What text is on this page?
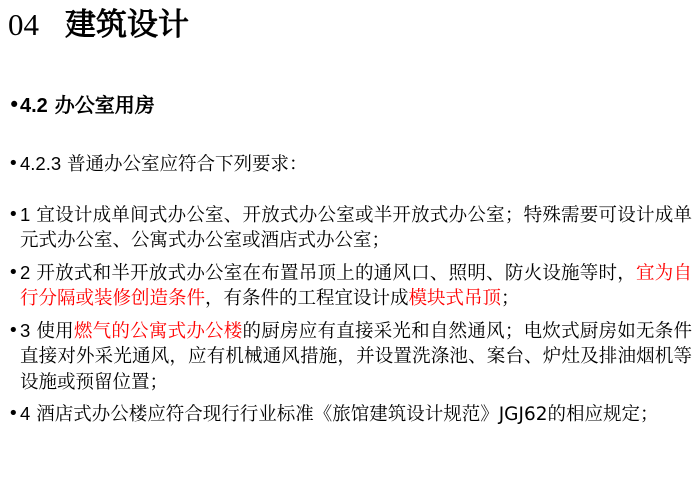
04 建筑设计
• 4.2 办公室用房
• 4.2.3 普通办公室应符合下列要求：
• 1 宜设计成单间式办公室、开放式办公室或半开放式办公室；特殊需要可设计成单元式办公室、公寓式办公室或酒店式办公室；
• 2 开放式和半开放式办公室在布置吊顶上的通风口、照明、防火设施等时，宜为自行分隔或装修创造条件，有条件的工程宜设计成模块式吊顶；
• 3 使用燃气的公寓式办公楼的厨房应有直接采光和自然通风；电炊式厨房如无条件直接对外采光通风，应有机械通风措施，并设置洗涤池、案台、炉灶及排油烟机等设施或预留位置；
• 4 酒店式办公楼应符合现行行业标准《旅馆建筑设计规范》JGJ62的相应规定；
